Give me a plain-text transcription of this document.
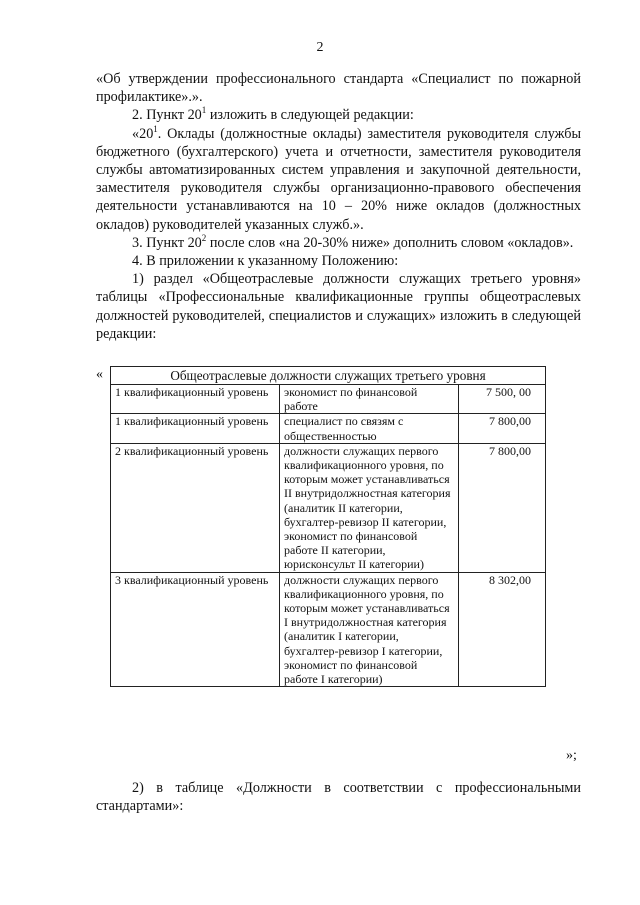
2

«Об утверждении профессионального стандарта «Специалист по пожарной профилактике».».

2. Пункт $20^1$ изложить в следующей редакции:

«$20^1$. Оклады (должностные оклады) заместителя руководителя службы бюджетного (бухгалтерского) учета и отчетности, заместителя руководителя службы автоматизированных систем управления и закупочной деятельности, заместителя руководителя службы организационно-правового обеспечения деятельности устанавливаются на 10 – 20% ниже окладов (должностных окладов) руководителей указанных служб.».

3. Пункт $20^2$ после слов «на 20-30% ниже» дополнить словом «окладов».

4. В приложении к указанному Положению:

1) раздел «Общеотраслевые должности служащих третьего уровня» таблицы «Профессиональные квалификационные группы общеотраслевых должностей руководителей, специалистов и служащих» изложить в следующей редакции:

«	Общеотраслевые должности служащих третьего уровня		
1 квалификационный уровень	экономист по финансовой работе	7 500, 00
1 квалификационный уровень	специалист по связям с общественностью	7 800,00
2 квалификационный уровень	должности служащих первого квалификационного уровня, по которым может устанавливаться II внутридолжностная категория (аналитик II категории, бухгалтер-ревизор II категории, экономист по финансовой работе II категории, юрисконсульт II категории)	7 800,00
3 квалификационный уровень	должности служащих первого квалификационного уровня, по которым может устанавливаться I внутридолжностная категория (аналитик I категории, бухгалтер-ревизор I категории, экономист по финансовой работе I категории)	8 302,00
»;

2) в таблице «Должности в соответствии с профессиональными стандартами»:
